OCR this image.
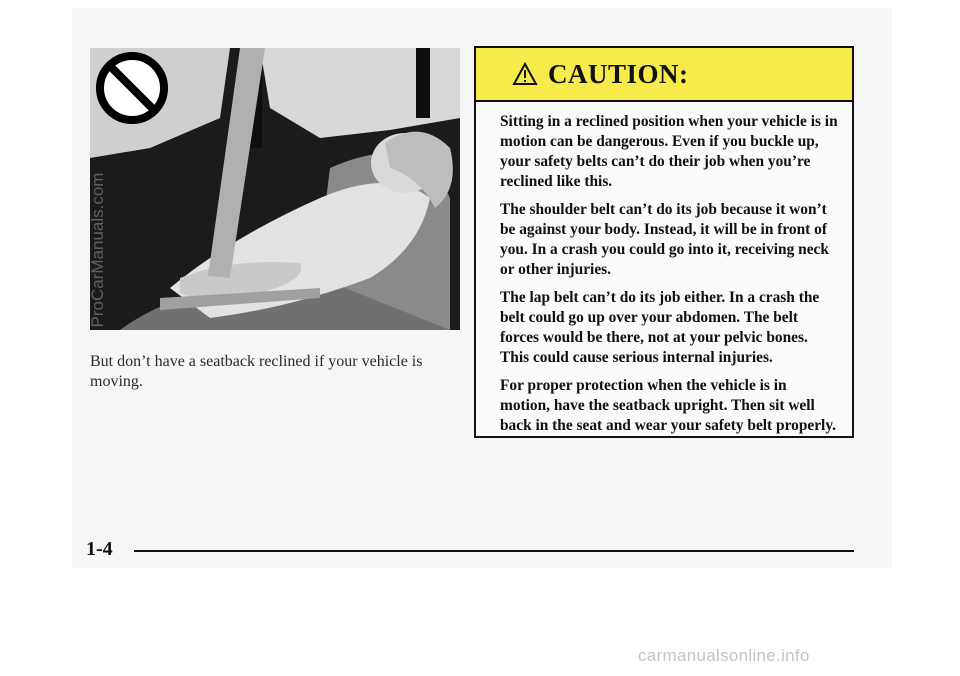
But don’t have a seatback reclined if your vehicle is moving.
CAUTION:

Sitting in a reclined position when your vehicle is in motion can be dangerous. Even if you buckle up, your safety belts can’t do their job when you’re reclined like this.

The shoulder belt can’t do its job because it won’t be against your body. Instead, it will be in front of you. In a crash you could go into it, receiving neck or other injuries.

The lap belt can’t do its job either. In a crash the belt could go up over your abdomen. The belt forces would be there, not at your pelvic bones. This could cause serious internal injuries.

For proper protection when the vehicle is in motion, have the seatback upright. Then sit well back in the seat and wear your safety belt properly.

1-4
ProCarManuals.com
carmanualsonline.info
